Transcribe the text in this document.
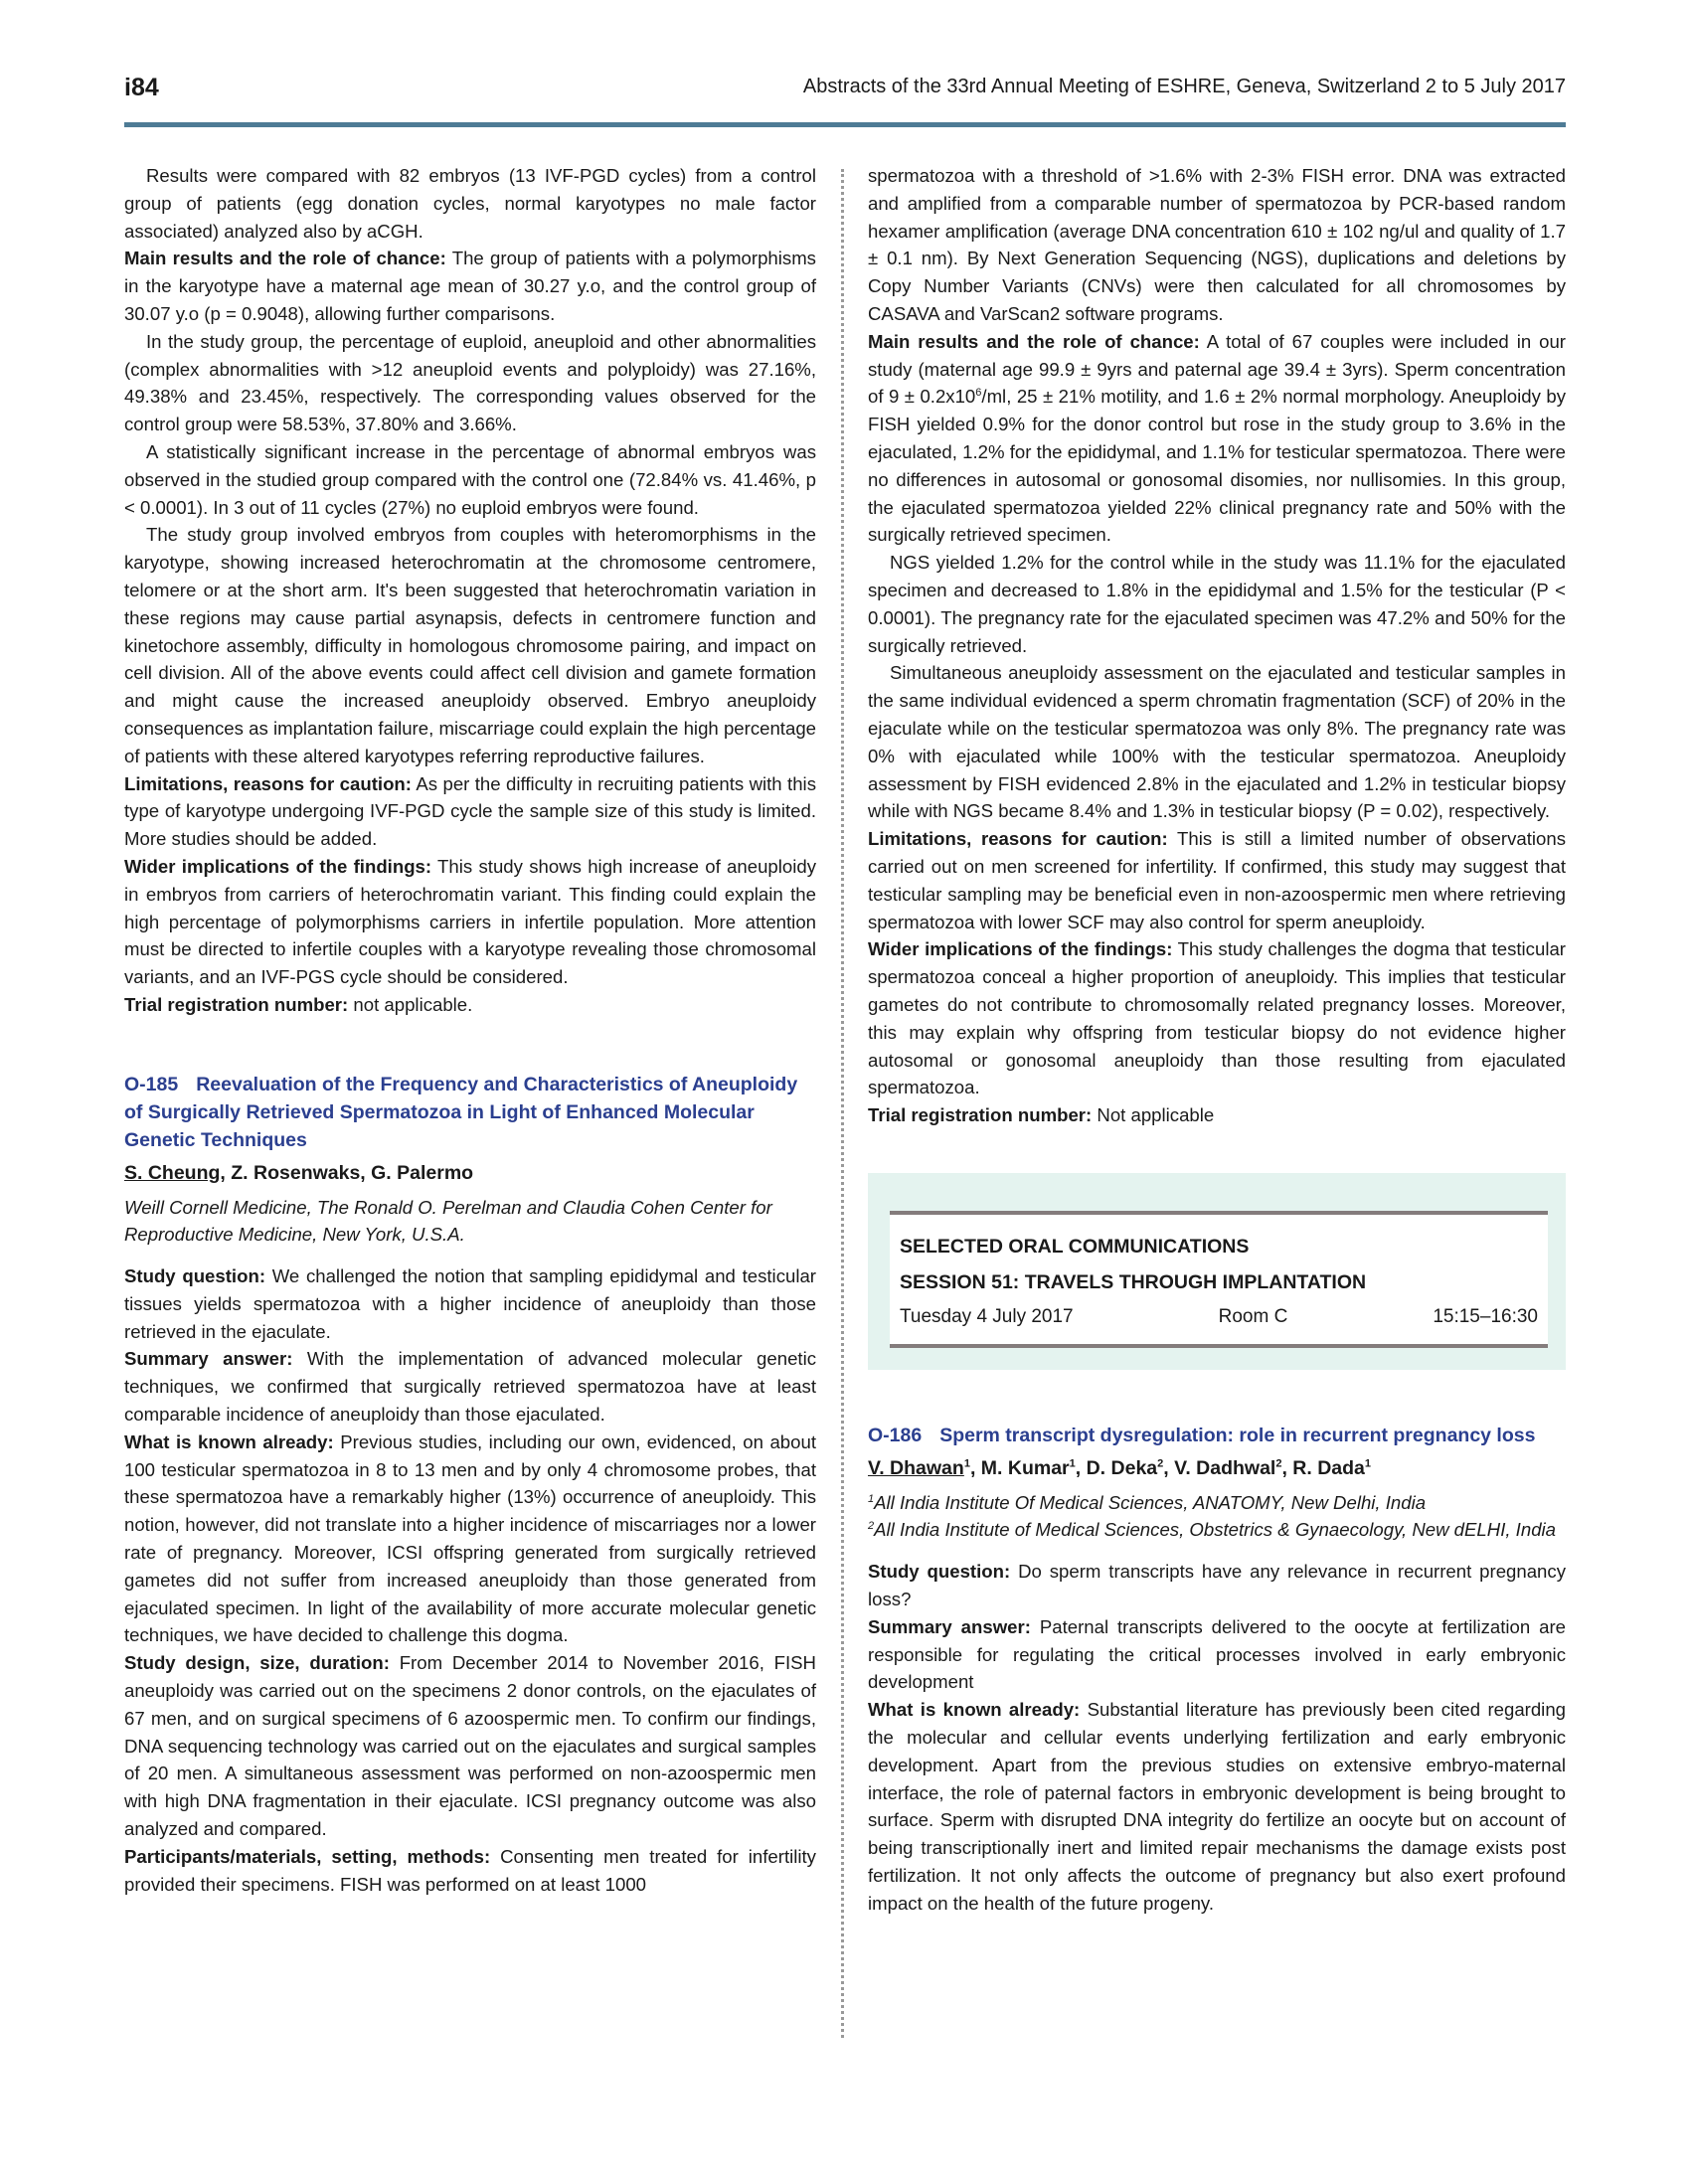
i84	Abstracts of the 33rd Annual Meeting of ESHRE, Geneva, Switzerland 2 to 5 July 2017

Results were compared with 82 embryos (13 IVF-PGD cycles) from a control group of patients (egg donation cycles, normal karyotypes no male factor associated) analyzed also by aCGH.

Main results and the role of chance: The group of patients with a polymorphisms in the karyotype have a maternal age mean of 30.27 y.o, and the control group of 30.07 y.o (p = 0.9048), allowing further comparisons.

In the study group, the percentage of euploid, aneuploid and other abnormalities (complex abnormalities with >12 aneuploid events and polyploidy) was 27.16%, 49.38% and 23.45%, respectively. The corresponding values observed for the control group were 58.53%, 37.80% and 3.66%.

A statistically significant increase in the percentage of abnormal embryos was observed in the studied group compared with the control one (72.84% vs. 41.46%, p < 0.0001). In 3 out of 11 cycles (27%) no euploid embryos were found.

The study group involved embryos from couples with heteromorphisms in the karyotype, showing increased heterochromatin at the chromosome centromere, telomere or at the short arm. It's been suggested that heterochromatin variation in these regions may cause partial asynapsis, defects in centromere function and kinetochore assembly, difficulty in homologous chromosome pairing, and impact on cell division. All of the above events could affect cell division and gamete formation and might cause the increased aneuploidy observed. Embryo aneuploidy consequences as implantation failure, miscarriage could explain the high percentage of patients with these altered karyotypes referring reproductive failures.

Limitations, reasons for caution: As per the difficulty in recruiting patients with this type of karyotype undergoing IVF-PGD cycle the sample size of this study is limited. More studies should be added.

Wider implications of the findings: This study shows high increase of aneuploidy in embryos from carriers of heterochromatin variant. This finding could explain the high percentage of polymorphisms carriers in infertile population. More attention must be directed to infertile couples with a karyotype revealing those chromosomal variants, and an IVF-PGS cycle should be considered.

Trial registration number: not applicable.

O-185 Reevaluation of the Frequency and Characteristics of Aneuploidy of Surgically Retrieved Spermatozoa in Light of Enhanced Molecular Genetic Techniques
S. Cheung, Z. Rosenwaks, G. Palermo
Weill Cornell Medicine, The Ronald O. Perelman and Claudia Cohen Center for Reproductive Medicine, New York, U.S.A.

Study question: We challenged the notion that sampling epididymal and testicular tissues yields spermatozoa with a higher incidence of aneuploidy than those retrieved in the ejaculate.

Summary answer: With the implementation of advanced molecular genetic techniques, we confirmed that surgically retrieved spermatozoa have at least comparable incidence of aneuploidy than those ejaculated.

What is known already: Previous studies, including our own, evidenced, on about 100 testicular spermatozoa in 8 to 13 men and by only 4 chromosome probes, that these spermatozoa have a remarkably higher (13%) occurrence of aneuploidy. This notion, however, did not translate into a higher incidence of miscarriages nor a lower rate of pregnancy. Moreover, ICSI offspring generated from surgically retrieved gametes did not suffer from increased aneuploidy than those generated from ejaculated specimen. In light of the availability of more accurate molecular genetic techniques, we have decided to challenge this dogma.

Study design, size, duration: From December 2014 to November 2016, FISH aneuploidy was carried out on the specimens 2 donor controls, on the ejaculates of 67 men, and on surgical specimens of 6 azoospermic men. To confirm our findings, DNA sequencing technology was carried out on the ejaculates and surgical samples of 20 men. A simultaneous assessment was performed on non-azoospermic men with high DNA fragmentation in their ejaculate. ICSI pregnancy outcome was also analyzed and compared.

Participants/materials, setting, methods: Consenting men treated for infertility provided their specimens. FISH was performed on at least 1000

spermatozoa with a threshold of >1.6% with 2-3% FISH error. DNA was extracted and amplified from a comparable number of spermatozoa by PCR-based random hexamer amplification (average DNA concentration 610 ± 102 ng/ul and quality of 1.7 ± 0.1 nm). By Next Generation Sequencing (NGS), duplications and deletions by Copy Number Variants (CNVs) were then calculated for all chromosomes by CASAVA and VarScan2 software programs.

Main results and the role of chance: A total of 67 couples were included in our study (maternal age 99.9 ± 9yrs and paternal age 39.4 ± 3yrs). Sperm concentration of $9 \pm 0.2x10^6/ml$, 25 ± 21% motility, and 1.6 ± 2% normal morphology. Aneuploidy by FISH yielded 0.9% for the donor control but rose in the study group to 3.6% in the ejaculated, 1.2% for the epididymal, and 1.1% for testicular spermatozoa. There were no differences in autosomal or gonosomal disomies, nor nullisomies. In this group, the ejaculated spermatozoa yielded 22% clinical pregnancy rate and 50% with the surgically retrieved specimen.

NGS yielded 1.2% for the control while in the study was 11.1% for the ejaculated specimen and decreased to 1.8% in the epididymal and 1.5% for the testicular (P < 0.0001). The pregnancy rate for the ejaculated specimen was 47.2% and 50% for the surgically retrieved.

Simultaneous aneuploidy assessment on the ejaculated and testicular samples in the same individual evidenced a sperm chromatin fragmentation (SCF) of 20% in the ejaculate while on the testicular spermatozoa was only 8%. The pregnancy rate was 0% with ejaculated while 100% with the testicular spermatozoa. Aneuploidy assessment by FISH evidenced 2.8% in the ejaculated and 1.2% in testicular biopsy while with NGS became 8.4% and 1.3% in testicular biopsy (P = 0.02), respectively.

Limitations, reasons for caution: This is still a limited number of observations carried out on men screened for infertility. If confirmed, this study may suggest that testicular sampling may be beneficial even in non-azoospermic men where retrieving spermatozoa with lower SCF may also control for sperm aneuploidy.

Wider implications of the findings: This study challenges the dogma that testicular spermatozoa conceal a higher proportion of aneuploidy. This implies that testicular gametes do not contribute to chromosomally related pregnancy losses. Moreover, this may explain why offspring from testicular biopsy do not evidence higher autosomal or gonosomal aneuploidy than those resulting from ejaculated spermatozoa.

Trial registration number: Not applicable

SELECTED ORAL COMMUNICATIONS
SESSION 51: TRAVELS THROUGH IMPLANTATION
Tuesday 4 July 2017	Room C	15:15–16:30
O-186 Sperm transcript dysregulation: role in recurrent pregnancy loss
V. Dhawan$^1$, M. Kumar$^1$, D. Deka$^2$, V. Dadhwal$^2$, R. Dada$^1$
$^1$All India Institute Of Medical Sciences, ANATOMY, New Delhi, India
$^2$All India Institute of Medical Sciences, Obstetrics & Gynaecology, New dELHI, India

Study question: Do sperm transcripts have any relevance in recurrent pregnancy loss?

Summary answer: Paternal transcripts delivered to the oocyte at fertilization are responsible for regulating the critical processes involved in early embryonic development

What is known already: Substantial literature has previously been cited regarding the molecular and cellular events underlying fertilization and early embryonic development. Apart from the previous studies on extensive embryo-maternal interface, the role of paternal factors in embryonic development is being brought to surface. Sperm with disrupted DNA integrity do fertilize an oocyte but on account of being transcriptionally inert and limited repair mechanisms the damage exists post fertilization. It not only affects the outcome of pregnancy but also exert profound impact on the health of the future progeny.
